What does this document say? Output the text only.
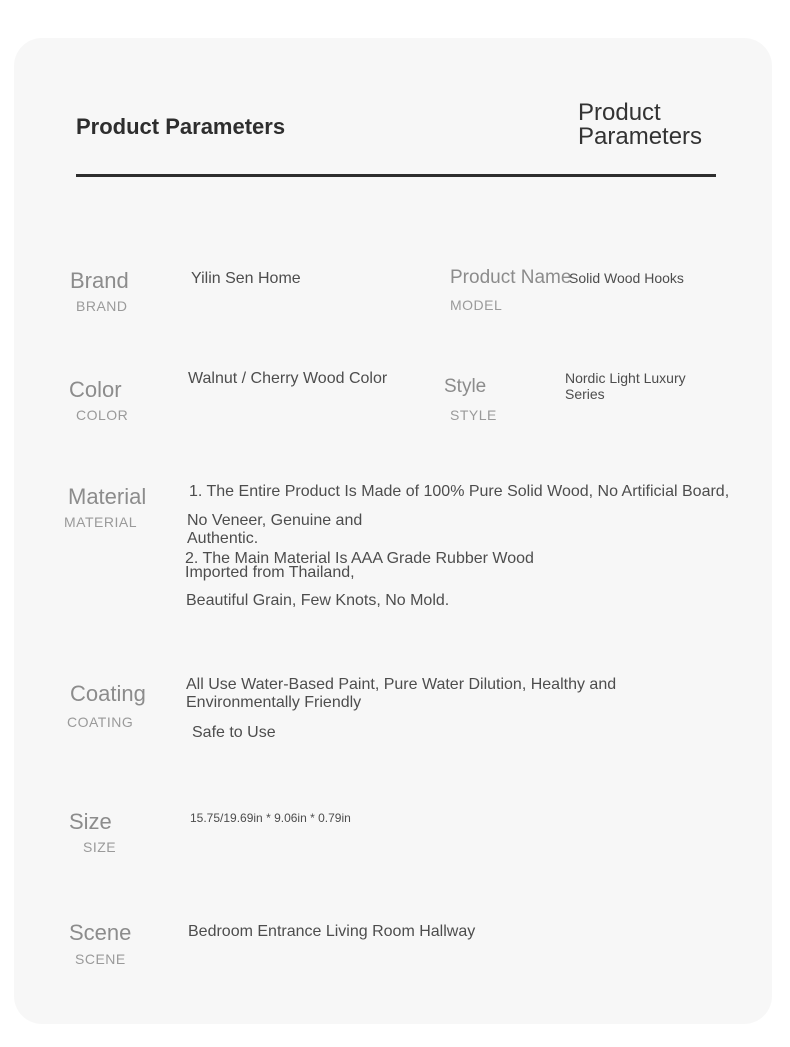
Product Parameters
Product Parameters
Brand
BRAND
Yilin Sen Home	Product Name
MODEL
Solid Wood Hooks
Color
COLOR
Walnut / Cherry Wood Color	Style
STYLE
Nordic Light Luxury Series
Material
MATERIAL
1. The Entire Product Is Made of 100% Pure Solid Wood, No Artificial Board,
No Veneer, Genuine and
Authentic.
2. The Main Material Is AAA Grade Rubber Wood
Imported from Thailand,
Beautiful Grain, Few Knots, No Mold.
Coating
COATING
All Use Water-Based Paint, Pure Water Dilution, Healthy and
Environmentally Friendly
Safe to Use
Size
SIZE
15.75/19.69in * 9.06in * 0.79in
Scene
SCENE
Bedroom Entrance Living Room Hallway
